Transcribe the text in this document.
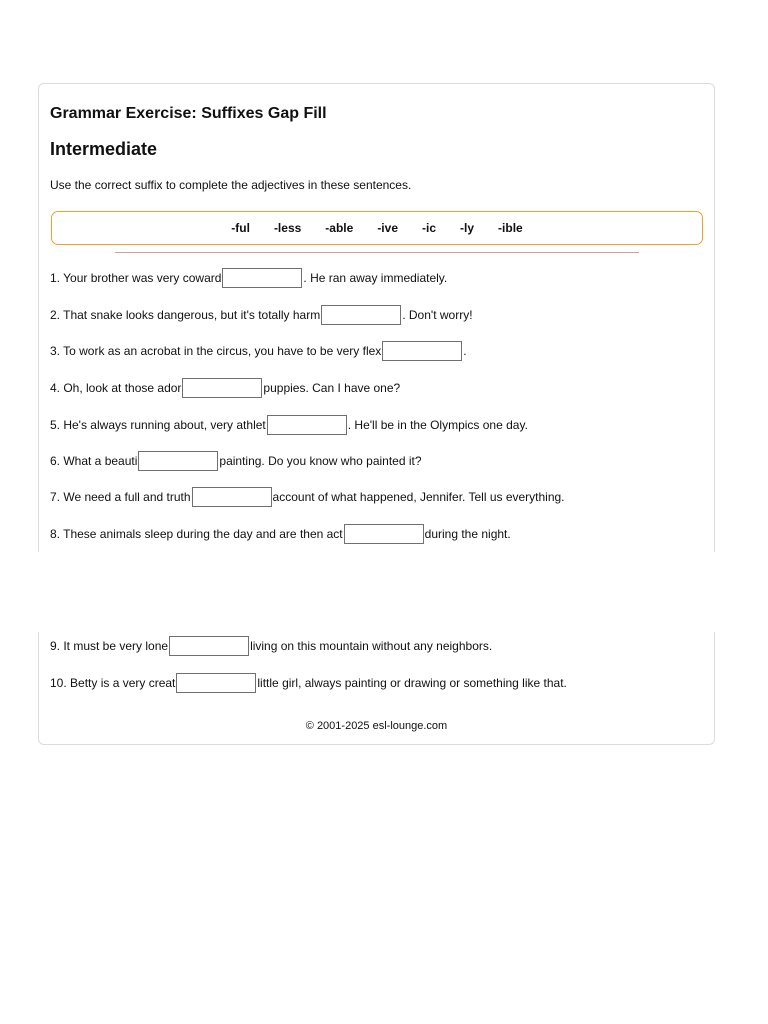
Grammar Exercise: Suffixes Gap Fill
Intermediate

Use the correct suffix to complete the adjectives in these sentences.

-ful -less -able -ive -ic -ly -ible
1. Your brother was very coward	. He ran away immediately.
2. That snake looks dangerous, but it's totally harm	. Don't worry!
3. To work as an acrobat in the circus, you have to be very flex	.
4. Oh, look at those ador	puppies. Can I have one?
5. He's always running about, very athlet	. He'll be in the Olympics one day.
6. What a beauti	painting. Do you know who painted it?
7. We need a full and truth	account of what happened, Jennifer. Tell us everything.
8. These animals sleep during the day and are then act	during the night.
9. It must be very lone	living on this mountain without any neighbors.
10. Betty is a very creat	little girl, always painting or drawing or something like that.
© 2001-2025 esl-lounge.com
